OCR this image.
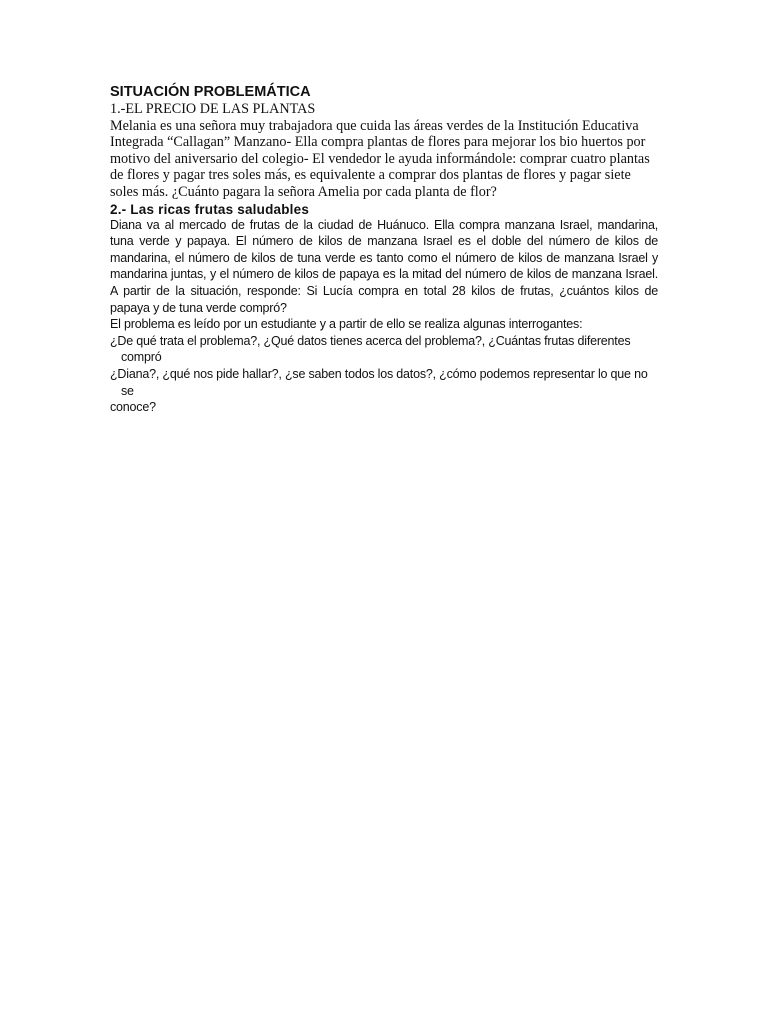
SITUACIÓN PROBLEMÁTICA

1.-EL PRECIO DE LAS PLANTAS

Melania es una señora muy trabajadora que cuida las áreas verdes de la Institución Educativa Integrada “Callagan” Manzano- Ella compra plantas de flores para mejorar los bio huertos por motivo del aniversario del colegio- El vendedor le ayuda informándole: comprar cuatro plantas de flores y pagar tres soles más, es equivalente a comprar dos plantas de flores y pagar siete soles más. ¿Cuánto pagara la señora Amelia por cada planta de flor?

2.- Las ricas frutas saludables

Diana va al mercado de frutas de la ciudad de Huánuco. Ella compra manzana Israel, mandarina, tuna verde y papaya. El número de kilos de manzana Israel es el doble del número de kilos de mandarina, el número de kilos de tuna verde es tanto como el número de kilos de manzana Israel y mandarina juntas, y el número de kilos de papaya es la mitad del número de kilos de manzana Israel. A partir de la situación, responde: Si Lucía compra en total 28 kilos de frutas, ¿cuántos kilos de papaya y de tuna verde compró?

El problema es leído por un estudiante y a partir de ello se realiza algunas interrogantes:

¿De qué trata el problema?, ¿Qué datos tienes acerca del problema?, ¿Cuántas frutas diferentes compró

¿Diana?, ¿qué nos pide hallar?, ¿se saben todos los datos?, ¿cómo podemos representar lo que no se

conoce?
